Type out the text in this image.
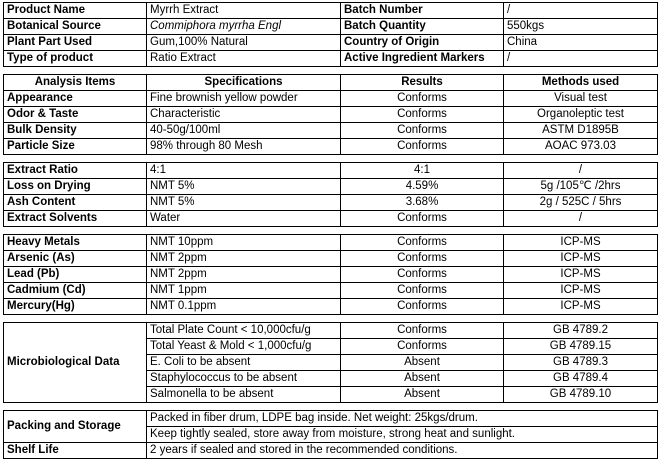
Product Name	Myrrh Extract	Batch Number	/
Botanical Source	Commiphora myrrha Engl	Batch Quantity	550kgs
Plant Part Used	Gum,100% Natural	Country of Origin	China
Type of product	Ratio Extract	Active Ingredient Markers	/
Analysis Items	Specifications	Results	Methods used
Appearance	Fine brownish yellow powder	Conforms	Visual test
Odor & Taste	Characteristic	Conforms	Organoleptic test
Bulk Density	40-50g/100ml	Conforms	ASTM D1895B
Particle Size	98% through 80 Mesh	Conforms	AOAC 973.03
Extract Ratio	4:1	4:1	/
Loss on Drying	NMT 5%	4.59%	5g /105℃ /2hrs
Ash Content	NMT 5%	3.68%	2g / 525C / 5hrs
Extract Solvents	Water	Conforms	/
Heavy Metals	NMT 10ppm	Conforms	ICP-MS
Arsenic (As)	NMT 2ppm	Conforms	ICP-MS
Lead (Pb)	NMT 2ppm	Conforms	ICP-MS
Cadmium (Cd)	NMT 1ppm	Conforms	ICP-MS
Mercury(Hg)	NMT 0.1ppm	Conforms	ICP-MS
Microbiological Data	Total Plate Count < 10,000cfu/g	Conforms	GB 4789.2
	Total Yeast & Mold < 1,000cfu/g	Conforms	GB 4789.15
	E. Coli to be absent	Absent	GB 4789.3
	Staphylococcus to be absent	Absent	GB 4789.4
	Salmonella to be absent	Absent	GB 4789.10
Packing and Storage	Packed in fiber drum, LDPE bag inside. Net weight: 25kgs/drum.
	Keep tightly sealed, store away from moisture, strong heat and sunlight.
Shelf Life	2 years if sealed and stored in the recommended conditions.
